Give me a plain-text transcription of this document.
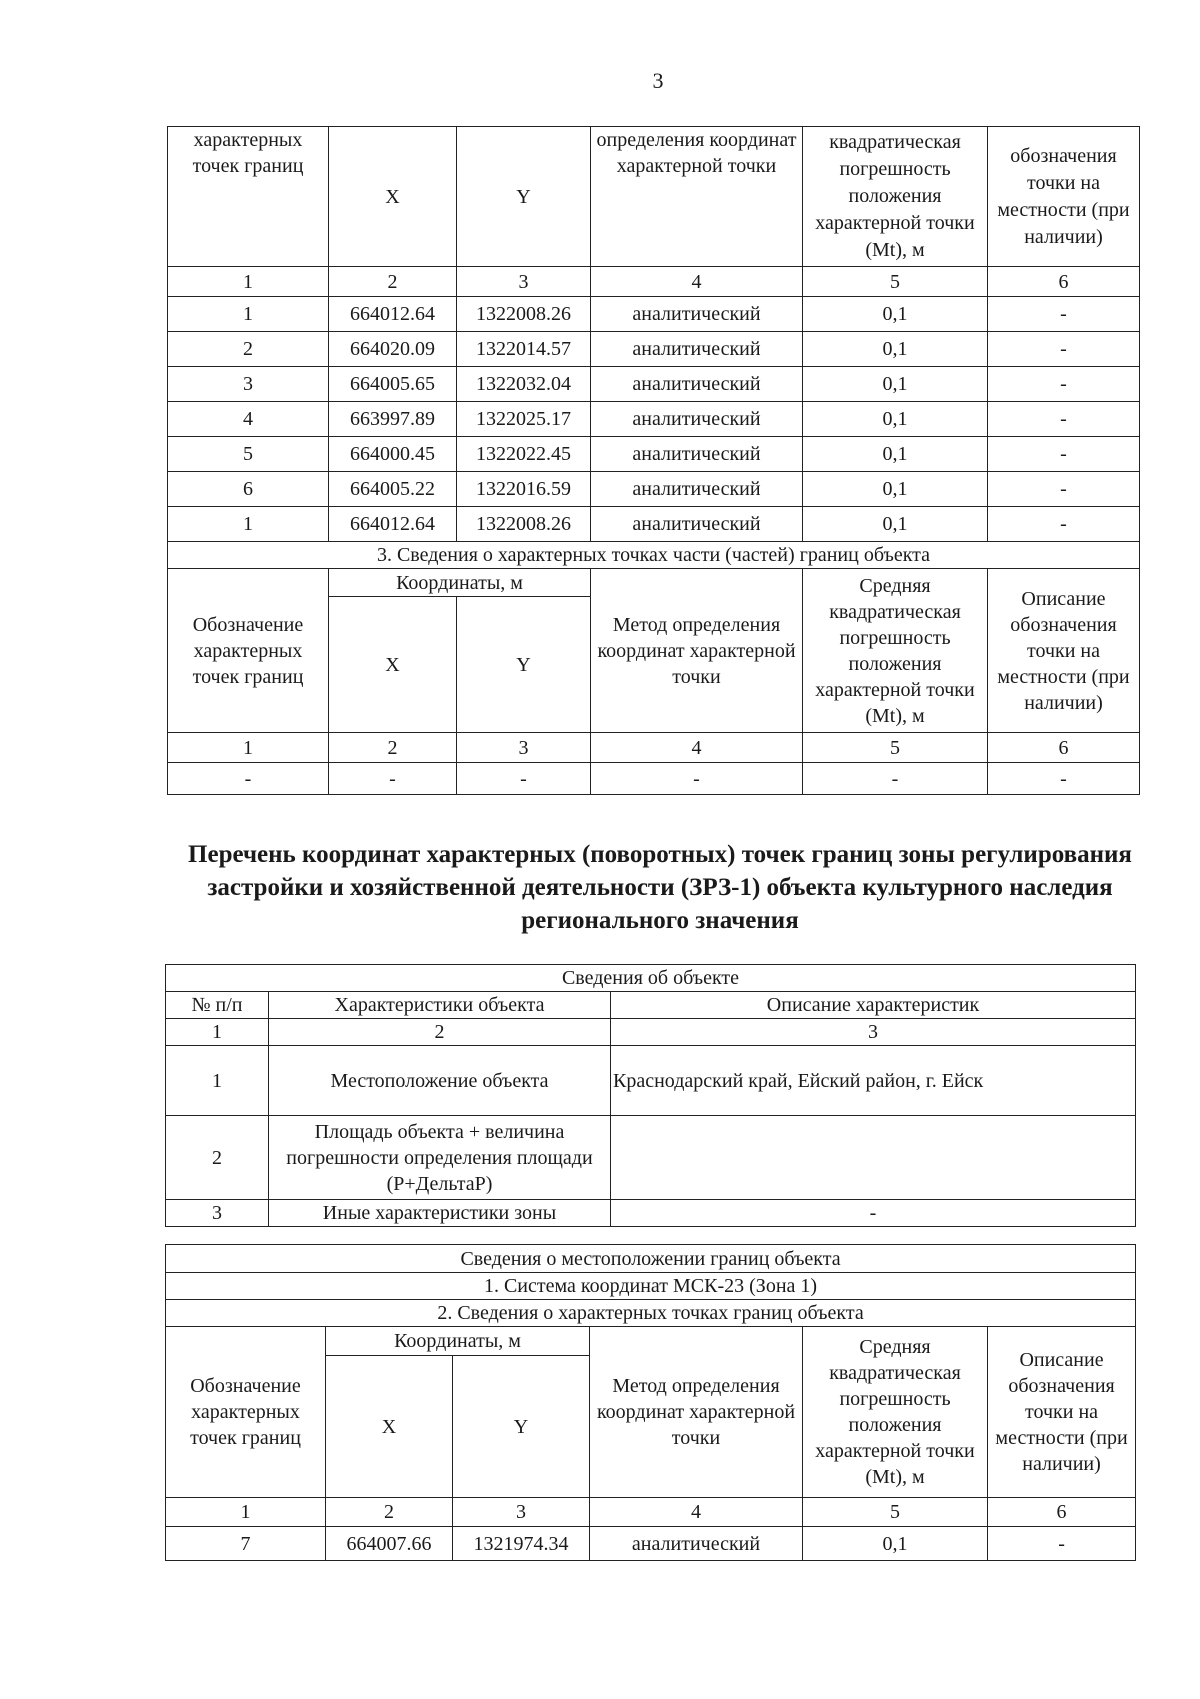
3
характерных точек границ	X	Y	определения координат характерной точки	квадратическая погрешность положения характерной точки (Mt), м	обозначения точки на местности (при наличии)
1	2	3	4	5	6
1	664012.64	1322008.26	аналитический	0,1	-
2	664020.09	1322014.57	аналитический	0,1	-
3	664005.65	1322032.04	аналитический	0,1	-
4	663997.89	1322025.17	аналитический	0,1	-
5	664000.45	1322022.45	аналитический	0,1	-
6	664005.22	1322016.59	аналитический	0,1	-
1	664012.64	1322008.26	аналитический	0,1	-
3. Сведения о характерных точках части (частей) границ объекта					
Обозначение характерных точек границ	Координаты, м		Метод определения координат характерной точки	Средняя квадратическая погрешность положения характерной точки (Mt), м	Описание обозначения точки на местности (при наличии)
	X	Y			
1	2	3	4	5	6
-	-	-	-	-	-
Перечень координат характерных (поворотных) точек границ зоны регулирования застройки и хозяйственной деятельности (ЗРЗ-1) объекта культурного наследия регионального значения
Сведения об объекте		
№ п/п	Характеристики объекта	Описание характеристик
1	2	3
1	Местоположение объекта	Краснодарский край, Ейский район, г. Ейск
2	Площадь объекта + величина погрешности определения площади (P+ДельтаP)	
3	Иные характеристики зоны	-
Сведения о местоположении границ объекта					
1. Система координат МСК-23 (Зона 1)					
2. Сведения о характерных точках границ объекта					
Обозначение характерных точек границ	Координаты, м		Метод определения координат характерной точки	Средняя квадратическая погрешность положения характерной точки (Mt), м	Описание обозначения точки на местности (при наличии)
	X	Y			
1	2	3	4	5	6
7	664007.66	1321974.34	аналитический	0,1	-
